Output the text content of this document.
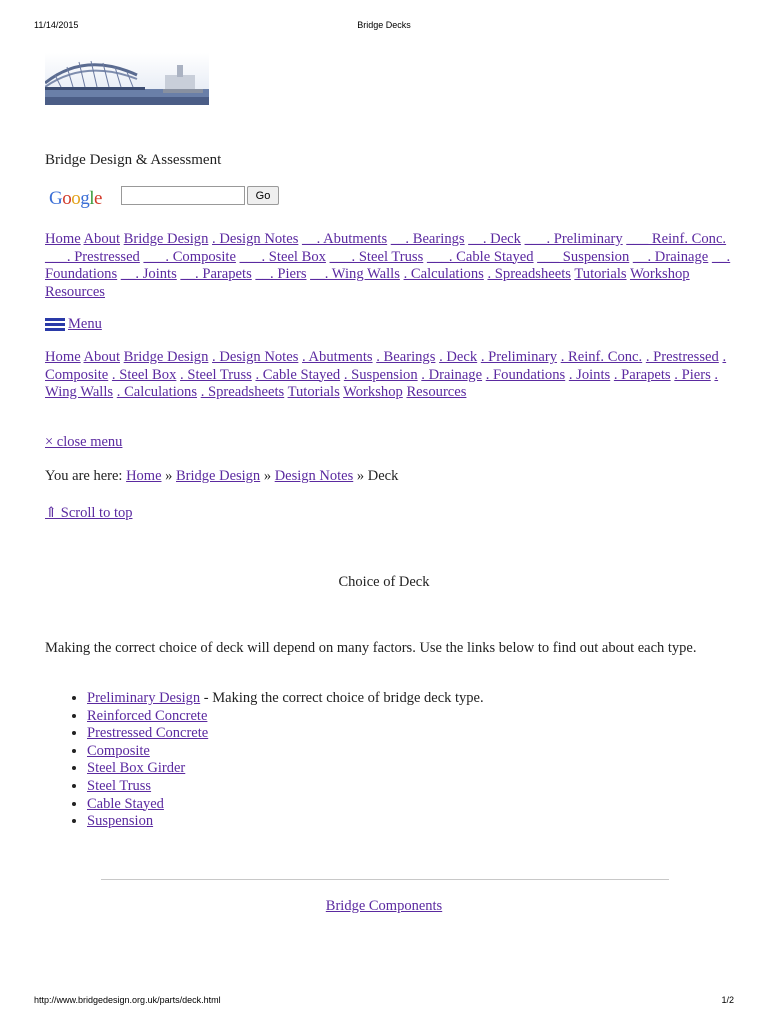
11/14/2015	Bridge Decks
Bridge Design & Assessment
Google	Go
Home About Bridge Design . Design Notes __. Abutments __. Bearings __. Deck ___. Preliminary ___ Reinf. Conc. ___. Prestressed ___. Composite ___. Steel Box ___. Steel Truss ___. Cable Stayed ___ Suspension __. Drainage __. Foundations __. Joints __. Parapets __. Piers __. Wing Walls . Calculations . Spreadsheets Tutorials Workshop Resources
Menu
Home About Bridge Design . Design Notes . Abutments . Bearings . Deck . Preliminary . Reinf. Conc. . Prestressed . Composite . Steel Box . Steel Truss . Cable Stayed . Suspension . Drainage . Foundations . Joints . Parapets . Piers . Wing Walls . Calculations . Spreadsheets Tutorials Workshop Resources
× close menu
You are here: Home » Bridge Design » Design Notes » Deck
⇑ Scroll to top
Choice of Deck
Making the correct choice of deck will depend on many factors. Use the links below to find out about each type.
• Preliminary Design - Making the correct choice of bridge deck type.
• Reinforced Concrete
• Prestressed Concrete
• Composite
• Steel Box Girder
• Steel Truss
• Cable Stayed
• Suspension
Bridge Components
http://www.bridgedesign.org.uk/parts/deck.html	1/2
